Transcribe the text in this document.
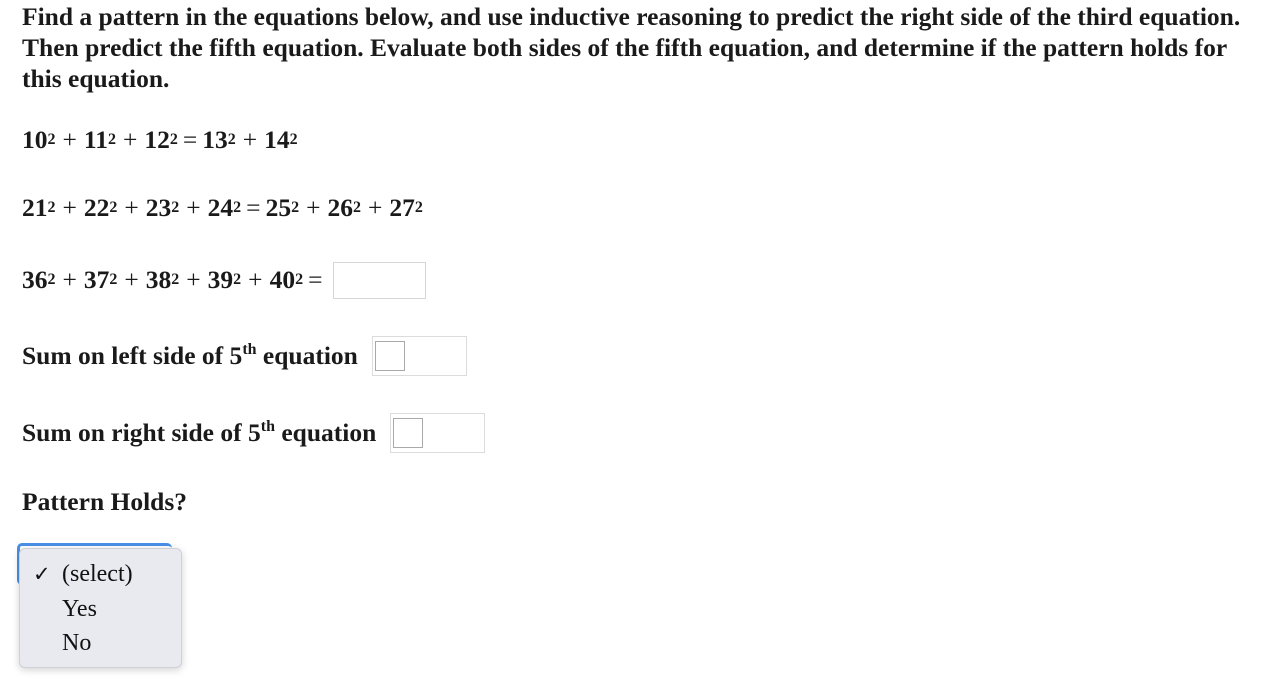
Find a pattern in the equations below, and use inductive reasoning to predict the right side of the third equation. Then predict the fifth equation. Evaluate both sides of the fifth equation, and determine if the pattern holds for this equation.

10 2 + 11 2 + 12 2 = 13 2 + 14 2
21 2 + 22 2 + 23 2 + 24 2 = 25 2 + 26 2 + 27 2
36 2 + 37 2 + 38 2 + 39 2 + 40 2 =
Sum on left side of 5th equation
Sum on right side of 5th equation
Pattern Holds?
✓ (select)
Yes
No
